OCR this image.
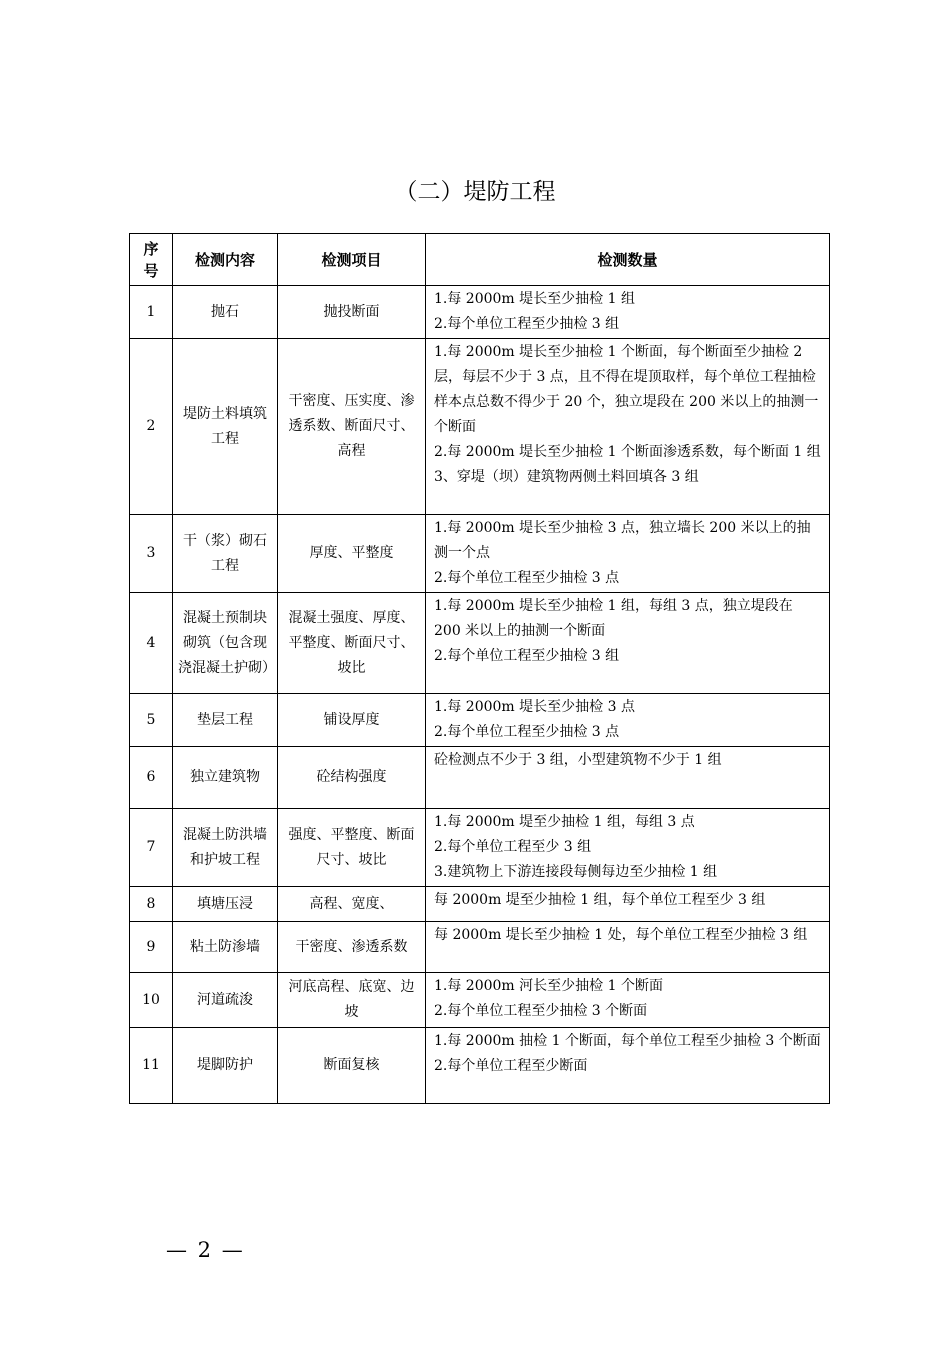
（二）堤防工程
序号	检测内容	检测项目	检测数量
1	抛石	抛投断面	1.每 2000m 堤长至少抽检 1 组
2.每个单位工程至少抽检 3 组

2	堤防土料填筑工程	干密度、压实度、渗透系数、断面尺寸、高程	1.每 2000m 堤长至少抽检 1 个断面，每个断面至少抽检 2 层，每层不少于 3 点，且不得在堤顶取样，每个单位工程抽检样本点总数不得少于 20 个，独立堤段在 200 米以上的抽测一个断面
2.每 2000m 堤长至少抽检 1 个断面渗透系数，每个断面 1 组
3、穿堤（坝）建筑物两侧土料回填各 3 组

3	干（浆）砌石工程	厚度、平整度	1.每 2000m 堤长至少抽检 3 点，独立墙长 200 米以上的抽测一个点
2.每个单位工程至少抽检 3 点

4	混凝土预制块砌筑（包含现浇混凝土护砌）	混凝土强度、厚度、平整度、断面尺寸、坡比	1.每 2000m 堤长至少抽检 1 组，每组 3 点，独立堤段在 200 米以上的抽测一个断面
2.每个单位工程至少抽检 3 组

5	垫层工程	铺设厚度	1.每 2000m 堤长至少抽检 3 点
2.每个单位工程至少抽检 3 点

6	独立建筑物	砼结构强度	砼检测点不少于 3 组，小型建筑物不少于 1 组

7	混凝土防洪墙和护坡工程	强度、平整度、断面尺寸、坡比	1.每 2000m 堤至少抽检 1 组，每组 3 点
2.每个单位工程至少 3 组
3.建筑物上下游连接段每侧每边至少抽检 1 组

8	填塘压浸	高程、宽度、	每 2000m 堤至少抽检 1 组，每个单位工程至少 3 组

9	粘土防渗墙	干密度、渗透系数	每 2000m 堤长至少抽检 1 处，每个单位工程至少抽检 3 组

10	河道疏浚	河底高程、底宽、边坡	1.每 2000m 河长至少抽检 1 个断面
2.每个单位工程至少抽检 3 个断面

11	堤脚防护	断面复核	1.每 2000m 抽检 1 个断面，每个单位工程至少抽检 3 个断面
2.每个单位工程至少断面
— 2 —
